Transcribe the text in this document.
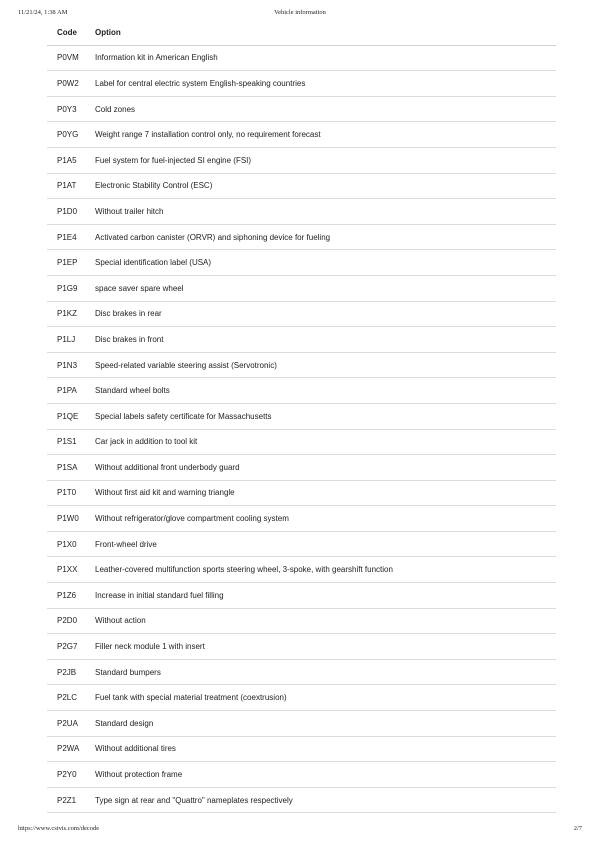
11/21/24, 1:38 AM	Vehicle information
Code	Option
P0VM	Information kit in American English
P0W2	Label for central electric system English-speaking countries
P0Y3	Cold zones
P0YG	Weight range 7 installation control only, no requirement forecast
P1A5	Fuel system for fuel-injected SI engine (FSI)
P1AT	Electronic Stability Control (ESC)
P1D0	Without trailer hitch
P1E4	Activated carbon canister (ORVR) and siphoning device for fueling
P1EP	Special identification label (USA)
P1G9	space saver spare wheel
P1KZ	Disc brakes in rear
P1LJ	Disc brakes in front
P1N3	Speed-related variable steering assist (Servotronic)
P1PA	Standard wheel bolts
P1QE	Special labels safety certificate for Massachusetts
P1S1	Car jack in addition to tool kit
P1SA	Without additional front underbody guard
P1T0	Without first aid kit and warning triangle
P1W0	Without refrigerator/glove compartment cooling system
P1X0	Front-wheel drive
P1XX	Leather-covered multifunction sports steering wheel, 3-spoke, with gearshift function
P1Z6	Increase in initial standard fuel filling
P2D0	Without action
P2G7	Filler neck module 1 with insert
P2JB	Standard bumpers
P2LC	Fuel tank with special material treatment (coextrusion)
P2UA	Standard design
P2WA	Without additional tires
P2Y0	Without protection frame
P2Z1	Type sign at rear and "Quattro" nameplates respectively
https://www.cstvis.com/decode	2/7
